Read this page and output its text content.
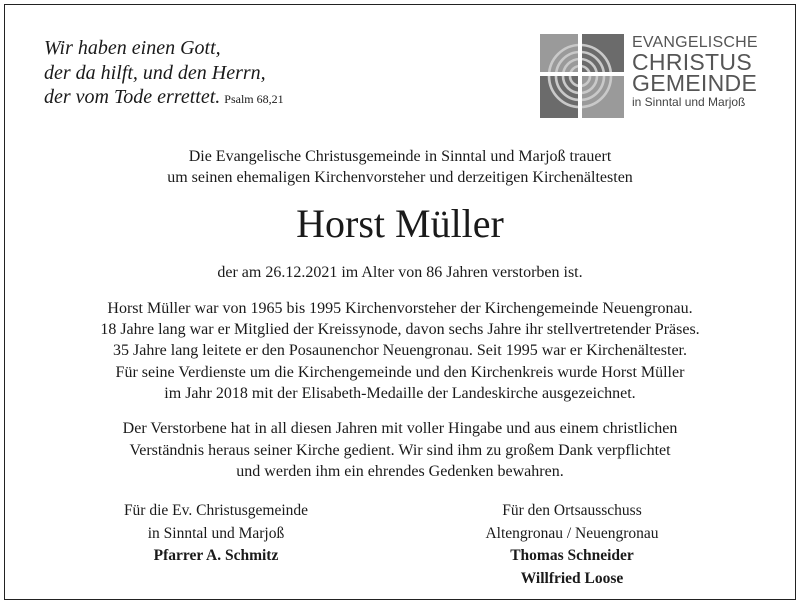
Wir haben einen Gott,
der da hilft, und den Herrn,
der vom Tode errettet. Psalm 68,21
EVANGELISCHE
CHRISTUS
GEMEINDE
in Sinntal und Marjoß
Die Evangelische Christusgemeinde in Sinntal und Marjoß trauert
um seinen ehemaligen Kirchenvorsteher und derzeitigen Kirchenältesten
Horst Müller
der am 26.12.2021 im Alter von 86 Jahren verstorben ist.
Horst Müller war von 1965 bis 1995 Kirchenvorsteher der Kirchengemeinde Neuengronau.
18 Jahre lang war er Mitglied der Kreissynode, davon sechs Jahre ihr stellvertretender Präses.
35 Jahre lang leitete er den Posaunenchor Neuengronau. Seit 1995 war er Kirchenältester.
Für seine Verdienste um die Kirchengemeinde und den Kirchenkreis wurde Horst Müller
im Jahr 2018 mit der Elisabeth-Medaille der Landeskirche ausgezeichnet.
Der Verstorbene hat in all diesen Jahren mit voller Hingabe und aus einem christlichen
Verständnis heraus seiner Kirche gedient. Wir sind ihm zu großem Dank verpflichtet
und werden ihm ein ehrendes Gedenken bewahren.
Für die Ev. Christusgemeinde
in Sinntal und Marjoß
Pfarrer A. Schmitz
Für den Ortsausschuss
Altengronau / Neuengronau
Thomas Schneider
Willfried Loose
